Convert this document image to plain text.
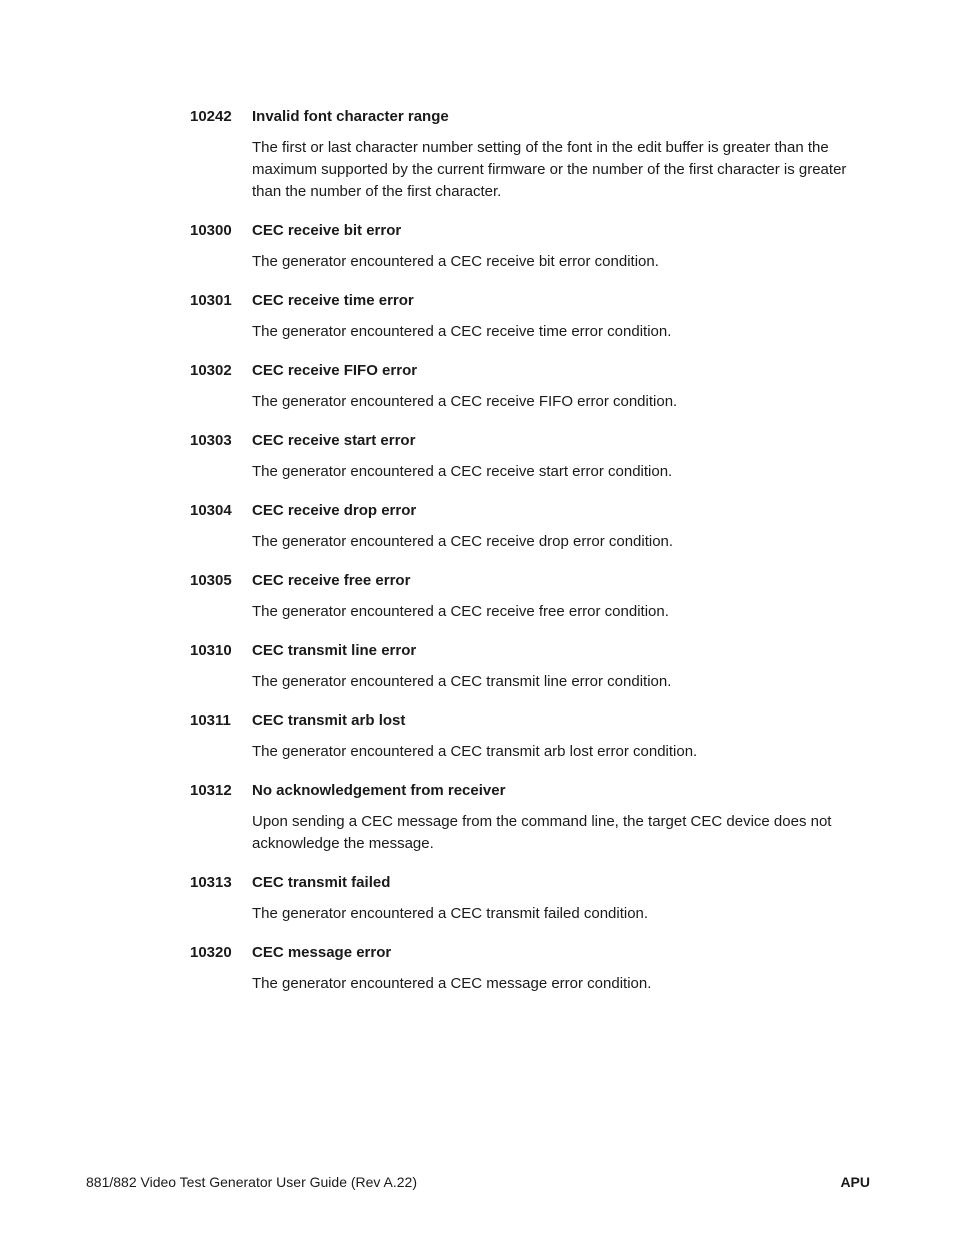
10242	Invalid font character range

The first or last character number setting of the font in the edit buffer is greater than the maximum supported by the current firmware or the number of the first character is greater than the number of the first character.

10300	CEC receive bit error

The generator encountered a CEC receive bit error condition.

10301	CEC receive time error

The generator encountered a CEC receive time error condition.

10302	CEC receive FIFO error

The generator encountered a CEC receive FIFO error condition.

10303	CEC receive start error

The generator encountered a CEC receive start error condition.

10304	CEC receive drop error

The generator encountered a CEC receive drop error condition.

10305	CEC receive free error

The generator encountered a CEC receive free error condition.

10310	CEC transmit line error

The generator encountered a CEC transmit line error condition.

10311	CEC transmit arb lost

The generator encountered a CEC transmit arb lost error condition.

10312	No acknowledgement from receiver

Upon sending a CEC message from the command line, the target CEC device does not acknowledge the message.

10313	CEC transmit failed

The generator encountered a CEC transmit failed condition.

10320	CEC message error

The generator encountered a CEC message error condition.

881/882 Video Test Generator User Guide (Rev A.22)	APU
